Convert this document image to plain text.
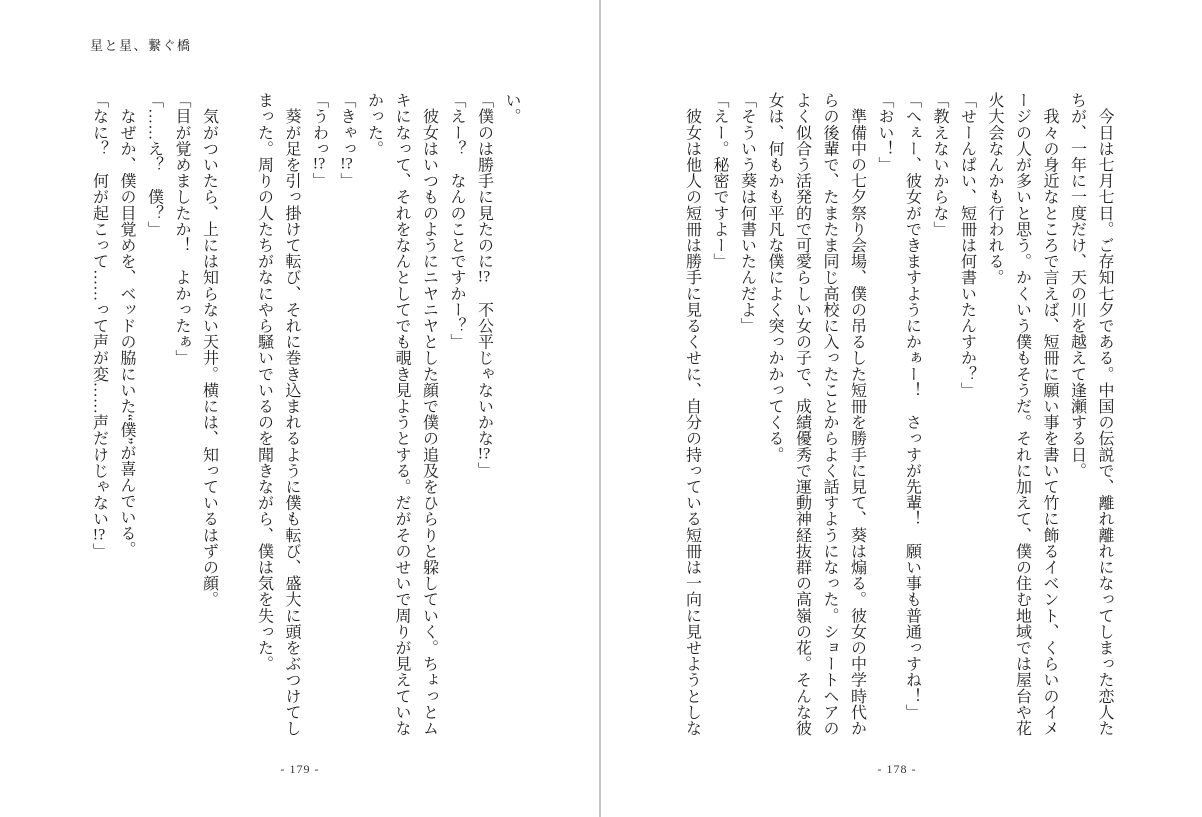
星と星、繋ぐ橋
い。
「僕のは勝手に見たのに!?　不公平じゃないかな!?」
「えー？　なんのことですかー？」
　彼女はいつものようにニヤニヤとした顔で僕の追及をひらりと躱していく。ちょっとム
キになって、それをなんとしてでも覗き見ようとする。だがそのせいで周りが見えていな
かった。
「きゃっ!?」
「うわっ!?」
　葵が足を引っ掛けて転び、それに巻き込まれるように僕も転び、盛大に頭をぶつけてし
まった。周りの人たちがなにやら騒いでいるのを聞きながら、僕は気を失った。
　気がついたら、上には知らない天井。横には、知っているはずの顔。
「目が覚めましたか！　よかったぁ」
「……え？　僕？」
　なぜか、僕の目覚めを、ベッドの脇にいた“僕”が喜んでいる。
「なに？　何が起こって……って声が変……声だけじゃない!?」
- 179 -
　今日は七月七日。ご存知七夕である。中国の伝説で、離れ離れになってしまった恋人た
ちが、一年に一度だけ、天の川を越えて逢瀬する日。
　我々の身近なところで言えば、短冊に願い事を書いて竹に飾るイベント、くらいのイメ
ージの人が多いと思う。かくいう僕もそうだ。それに加えて、僕の住む地域では屋台や花
火大会なんかも行われる。
「せーんぱい、短冊は何書いたんすか？」
「教えないからな」
「へぇー、彼女ができますようにかぁー！　さっすが先輩！　願い事も普通っすね！」
「おい！」
　準備中の七夕祭り会場、僕の吊るした短冊を勝手に見て、葵は煽る。彼女の中学時代か
らの後輩で、たまたま同じ高校に入ったことからよく話すようになった。ショートヘアの
よく似合う活発的で可愛らしい女の子で、成績優秀で運動神経抜群の高嶺の花。そんな彼
女は、何もかも平凡な僕によく突っかかってくる。
「そういう葵は何書いたんだよ」
「えー。秘密ですよー」
　彼女は他人の短冊は勝手に見るくせに、自分の持っている短冊は一向に見せようとしな
- 178 -
